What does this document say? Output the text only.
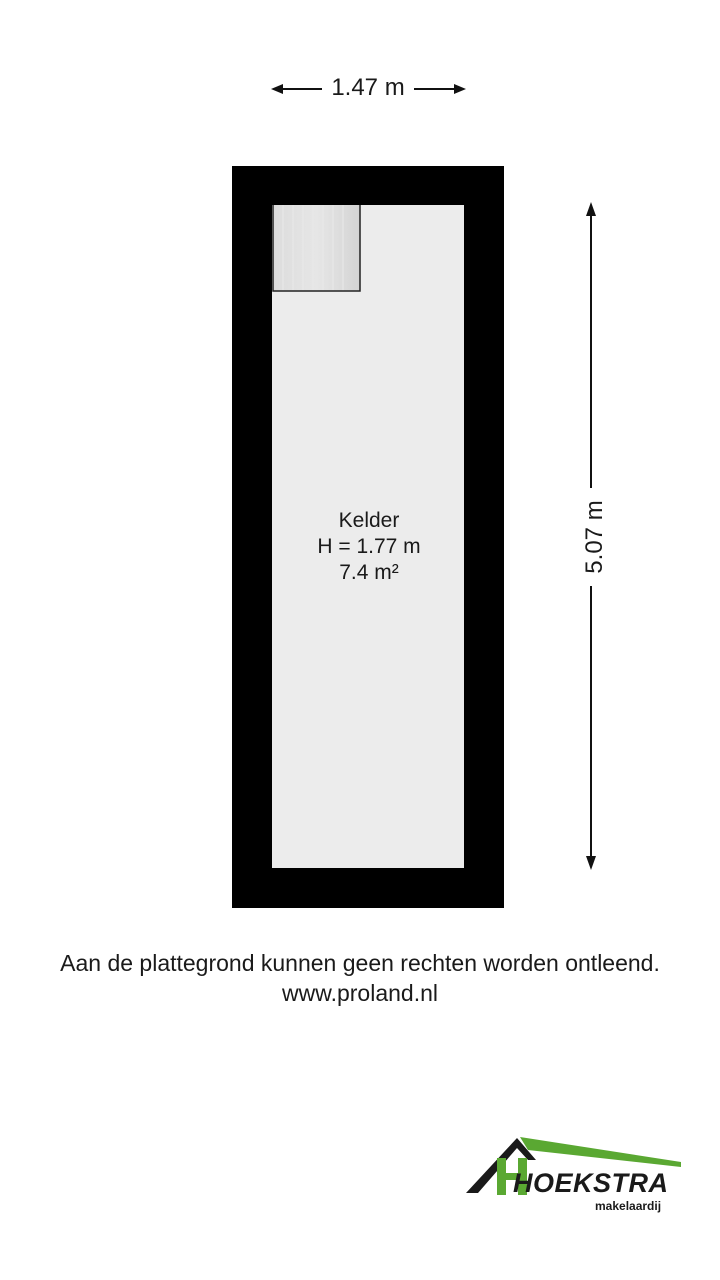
1.47 m
5.07 m
Kelder
H = 1.77 m
7.4 m²
Aan de plattegrond kunnen geen rechten worden ontleend.
www.proland.nl
HOEKSTRA
makelaardij
